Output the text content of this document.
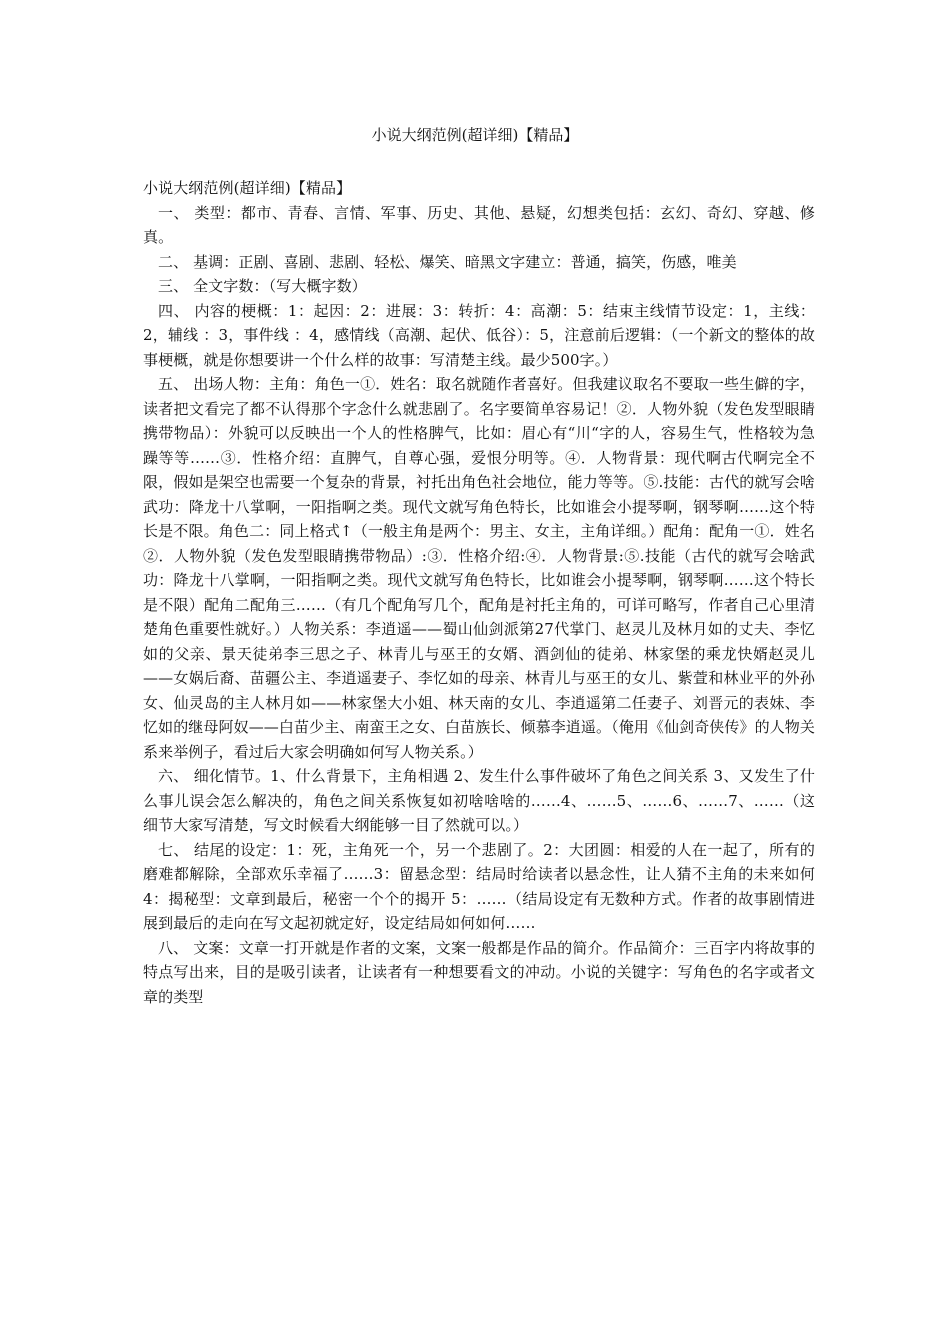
小说大纲范例(超详细)【精品】

小说大纲范例(超详细)【精品】

一、 类型：都市、青春、言情、军事、历史、其他、悬疑，幻想类包括：玄幻、奇幻、穿越、修真。

二、 基调：正剧、喜剧、悲剧、轻松、爆笑、暗黑文字建立：普通，搞笑，伤感，唯美

三、 全文字数：（写大概字数）

四、 内容的梗概：1：起因：2：进展：3：转折：4：高潮：5：结束主线情节设定：1，主线：2，辅线 ：3，事件线 ：4，感情线（高潮、起伏、低谷）：5，注意前后逻辑：（一个新文的整体的故事梗概，就是你想要讲一个什么样的故事：写清楚主线。最少500字。）

五、 出场人物：主角：角色一①．姓名：取名就随作者喜好。但我建议取名不要取一些生僻的字，读者把文看完了都不认得那个字念什么就悲剧了。名字要简单容易记！②．人物外貌（发色发型眼睛携带物品）：外貌可以反映出一个人的性格脾气，比如：眉心有“川“字的人，容易生气，性格较为急躁等等……③．性格介绍：直脾气，自尊心强，爱恨分明等。④．人物背景：现代啊古代啊完全不限，假如是架空也需要一个复杂的背景，衬托出角色社会地位，能力等等。⑤.技能：古代的就写会啥武功：降龙十八掌啊，一阳指啊之类。现代文就写角色特长，比如谁会小提琴啊，钢琴啊……这个特长是不限。角色二：同上格式↑（一般主角是两个：男主、女主，主角详细。）配角：配角一①．姓名②．人物外貌（发色发型眼睛携带物品）:③．性格介绍:④．人物背景:⑤.技能（古代的就写会啥武功：降龙十八掌啊，一阳指啊之类。现代文就写角色特长，比如谁会小提琴啊，钢琴啊……这个特长是不限）配角二配角三……（有几个配角写几个，配角是衬托主角的，可详可略写，作者自己心里清楚角色重要性就好。）人物关系：李逍遥——蜀山仙剑派第27代掌门、赵灵儿及林月如的丈夫、李忆如的父亲、景天徒弟李三思之子、林青儿与巫王的女婿、酒剑仙的徒弟、林家堡的乘龙快婿赵灵儿——女娲后裔、苗疆公主、李逍遥妻子、李忆如的母亲、林青儿与巫王的女儿、紫萱和林业平的外孙女、仙灵岛的主人林月如——林家堡大小姐、林天南的女儿、李逍遥第二任妻子、刘晋元的表妹、李忆如的继母阿奴——白苗少主、南蛮王之女、白苗族长、倾慕李逍遥。（俺用《仙剑奇侠传》的人物关系来举例子，看过后大家会明确如何写人物关系。）

六、 细化情节。1、什么背景下，主角相遇 2、发生什么事件破坏了角色之间关系 3、又发生了什么事儿误会怎么解决的，角色之间关系恢复如初啥啥啥的……4、……5、……6、……7、……（这细节大家写清楚，写文时候看大纲能够一目了然就可以。）

七、 结尾的设定：1：死，主角死一个，另一个悲剧了。2：大团圆：相爱的人在一起了，所有的磨难都解除，全部欢乐幸福了……3：留悬念型：结局时给读者以悬念性，让人猜不主角的未来如何 4：揭秘型：文章到最后，秘密一个个的揭开 5：……（结局设定有无数种方式。作者的故事剧情进展到最后的走向在写文起初就定好，设定结局如何如何……

八、 文案：文章一打开就是作者的文案，文案一般都是作品的简介。作品简介：三百字内将故事的特点写出来，目的是吸引读者，让读者有一种想要看文的冲动。小说的关键字：写角色的名字或者文章的类型
